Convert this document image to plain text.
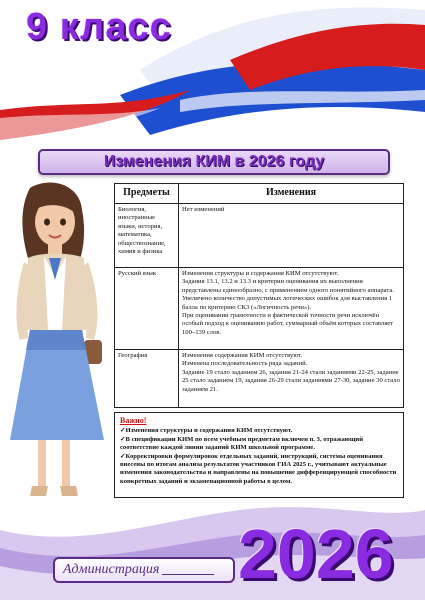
9 класс
Изменения КИМ в 2026 году
Предметы	Изменения
Биология, иностранные языки, история, математика, обществознание, химия и физика	Нет изменений

Русский язык	Изменения структуры и содержания КИМ отсутствуют.
Задания 13.1, 13.2 и 13.3 и критерии оценивания их выполнения представлены единообразно, с применением одного понятийного аппарата.
Увеличено количество допустимых логических ошибок для выставления 1 балла по критерию СК3 («Логичность речи»).
При оценивании грамотности и фактической точности речи исключён особый подход к оцениванию работ, суммарный объём которых составляет 100–139 слов.

География	Изменения содержания КИМ отсутствуют.
Изменена последовательность ряда заданий.
Задание 19 стало заданием 26, задания 21-24 стали заданиями 22-25, задание 25 стало заданием 19, задания 26-29 стали заданиями 27-30, задание 30 стало заданием 21.
Важно!

✓Изменения структуры и содержания КИМ отсутствуют.

✓В спецификации КИМ по всем учебным предметам включен п. 3, отражающий соответствие каждой линии заданий КИМ школьной программе.

✓Корректировки формулировок отдельных заданий, инструкций, системы оценивания внесены по итогам анализа результатов участников ГИА 2025 г., учитывают актуальные изменения законодательства и направлены на повышение дифференцирующей способности конкретных заданий и экзаменационной работы в целом.

Администрация 2026
